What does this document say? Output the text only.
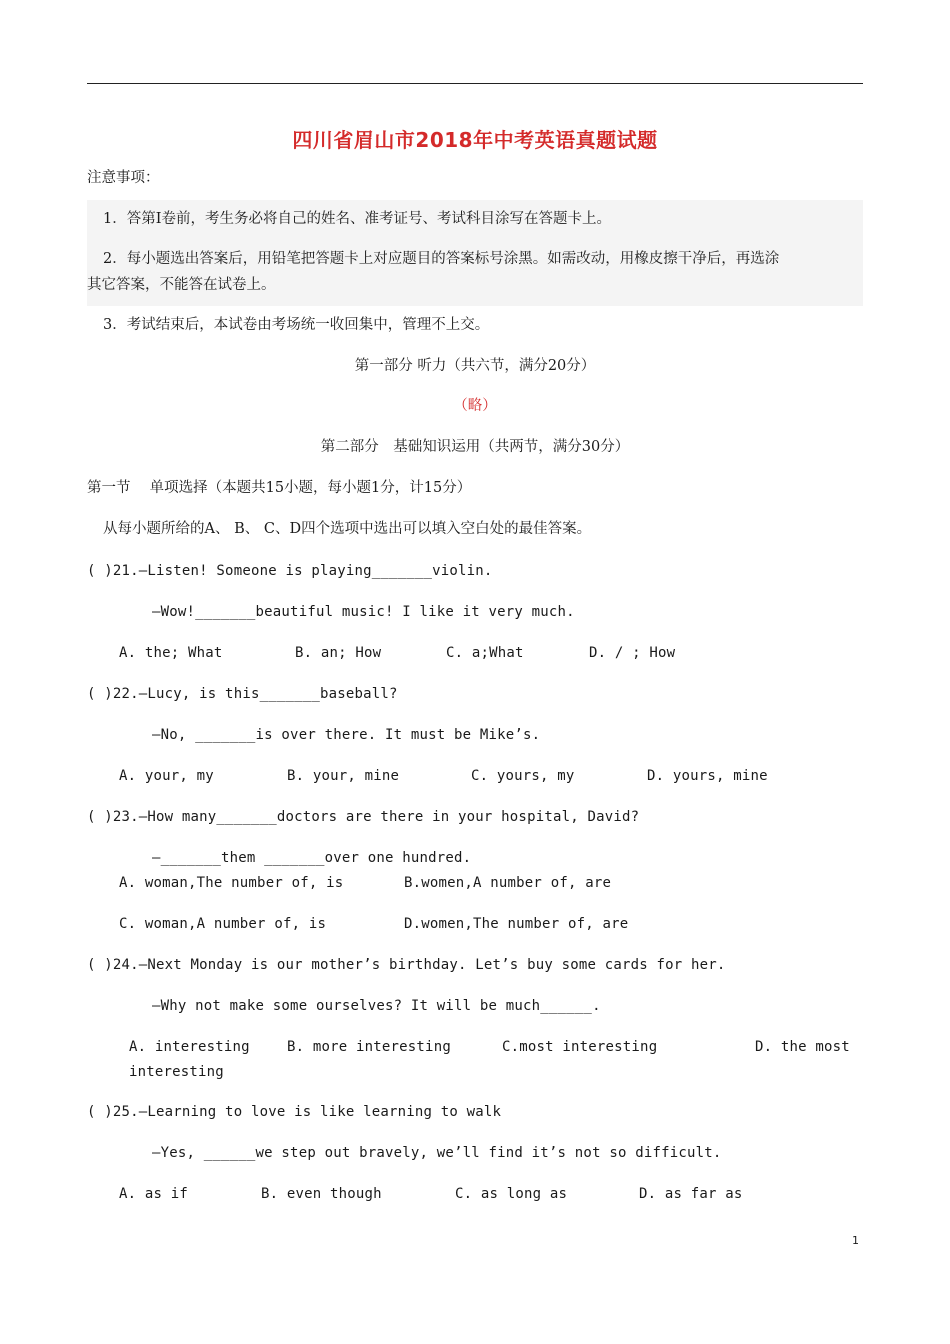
四川省眉山市2018年中考英语真题试题
注意事项：
1．答第Ⅰ卷前，考生务必将自己的姓名、准考证号、考试科目涂写在答题卡上。
2．每小题选出答案后，用铅笔把答题卡上对应题目的答案标号涂黑。如需改动，用橡皮擦干净后，再选涂
其它答案，不能答在试卷上。
3．考试结束后，本试卷由考场统一收回集中，管理不上交。
第一部分 听力（共六节，满分20分）
（略）
第二部分　基础知识运用（共两节，满分30分）
第一节　 单项选择（本题共15小题，每小题1分，计15分）
从每小题所给的A、 B、 C、D四个选项中选出可以填入空白处的最佳答案。
( )21.—Listen! Someone is playing_______violin.
—Wow!_______beautiful music! I like it very much.
A. the; What	B. an; How	C. a;What	D. / ; How
( )22.—Lucy, is this_______baseball?
—No, _______is over there. It must be Mike’s.
A. your, my	B. your, mine	C. yours, my	D. yours, mine
( )23.—How many_______doctors are there in your hospital, David?
—_______them _______over one hundred.
A. woman,The number of, is	B.women,A number of, are
C. woman,A number of, is	D.women,The number of, are
( )24.—Next Monday is our mother’s birthday. Let’s buy some cards for her.
—Why not make some ourselves? It will be much______.
A. interesting	B. more interesting	C.most interesting	D. the most
interesting
( )25.—Learning to love is like learning to walk
—Yes, ______we step out bravely, we’ll find it’s not so difficult.
A. as if	B. even though	C. as long as	D. as far as
1
